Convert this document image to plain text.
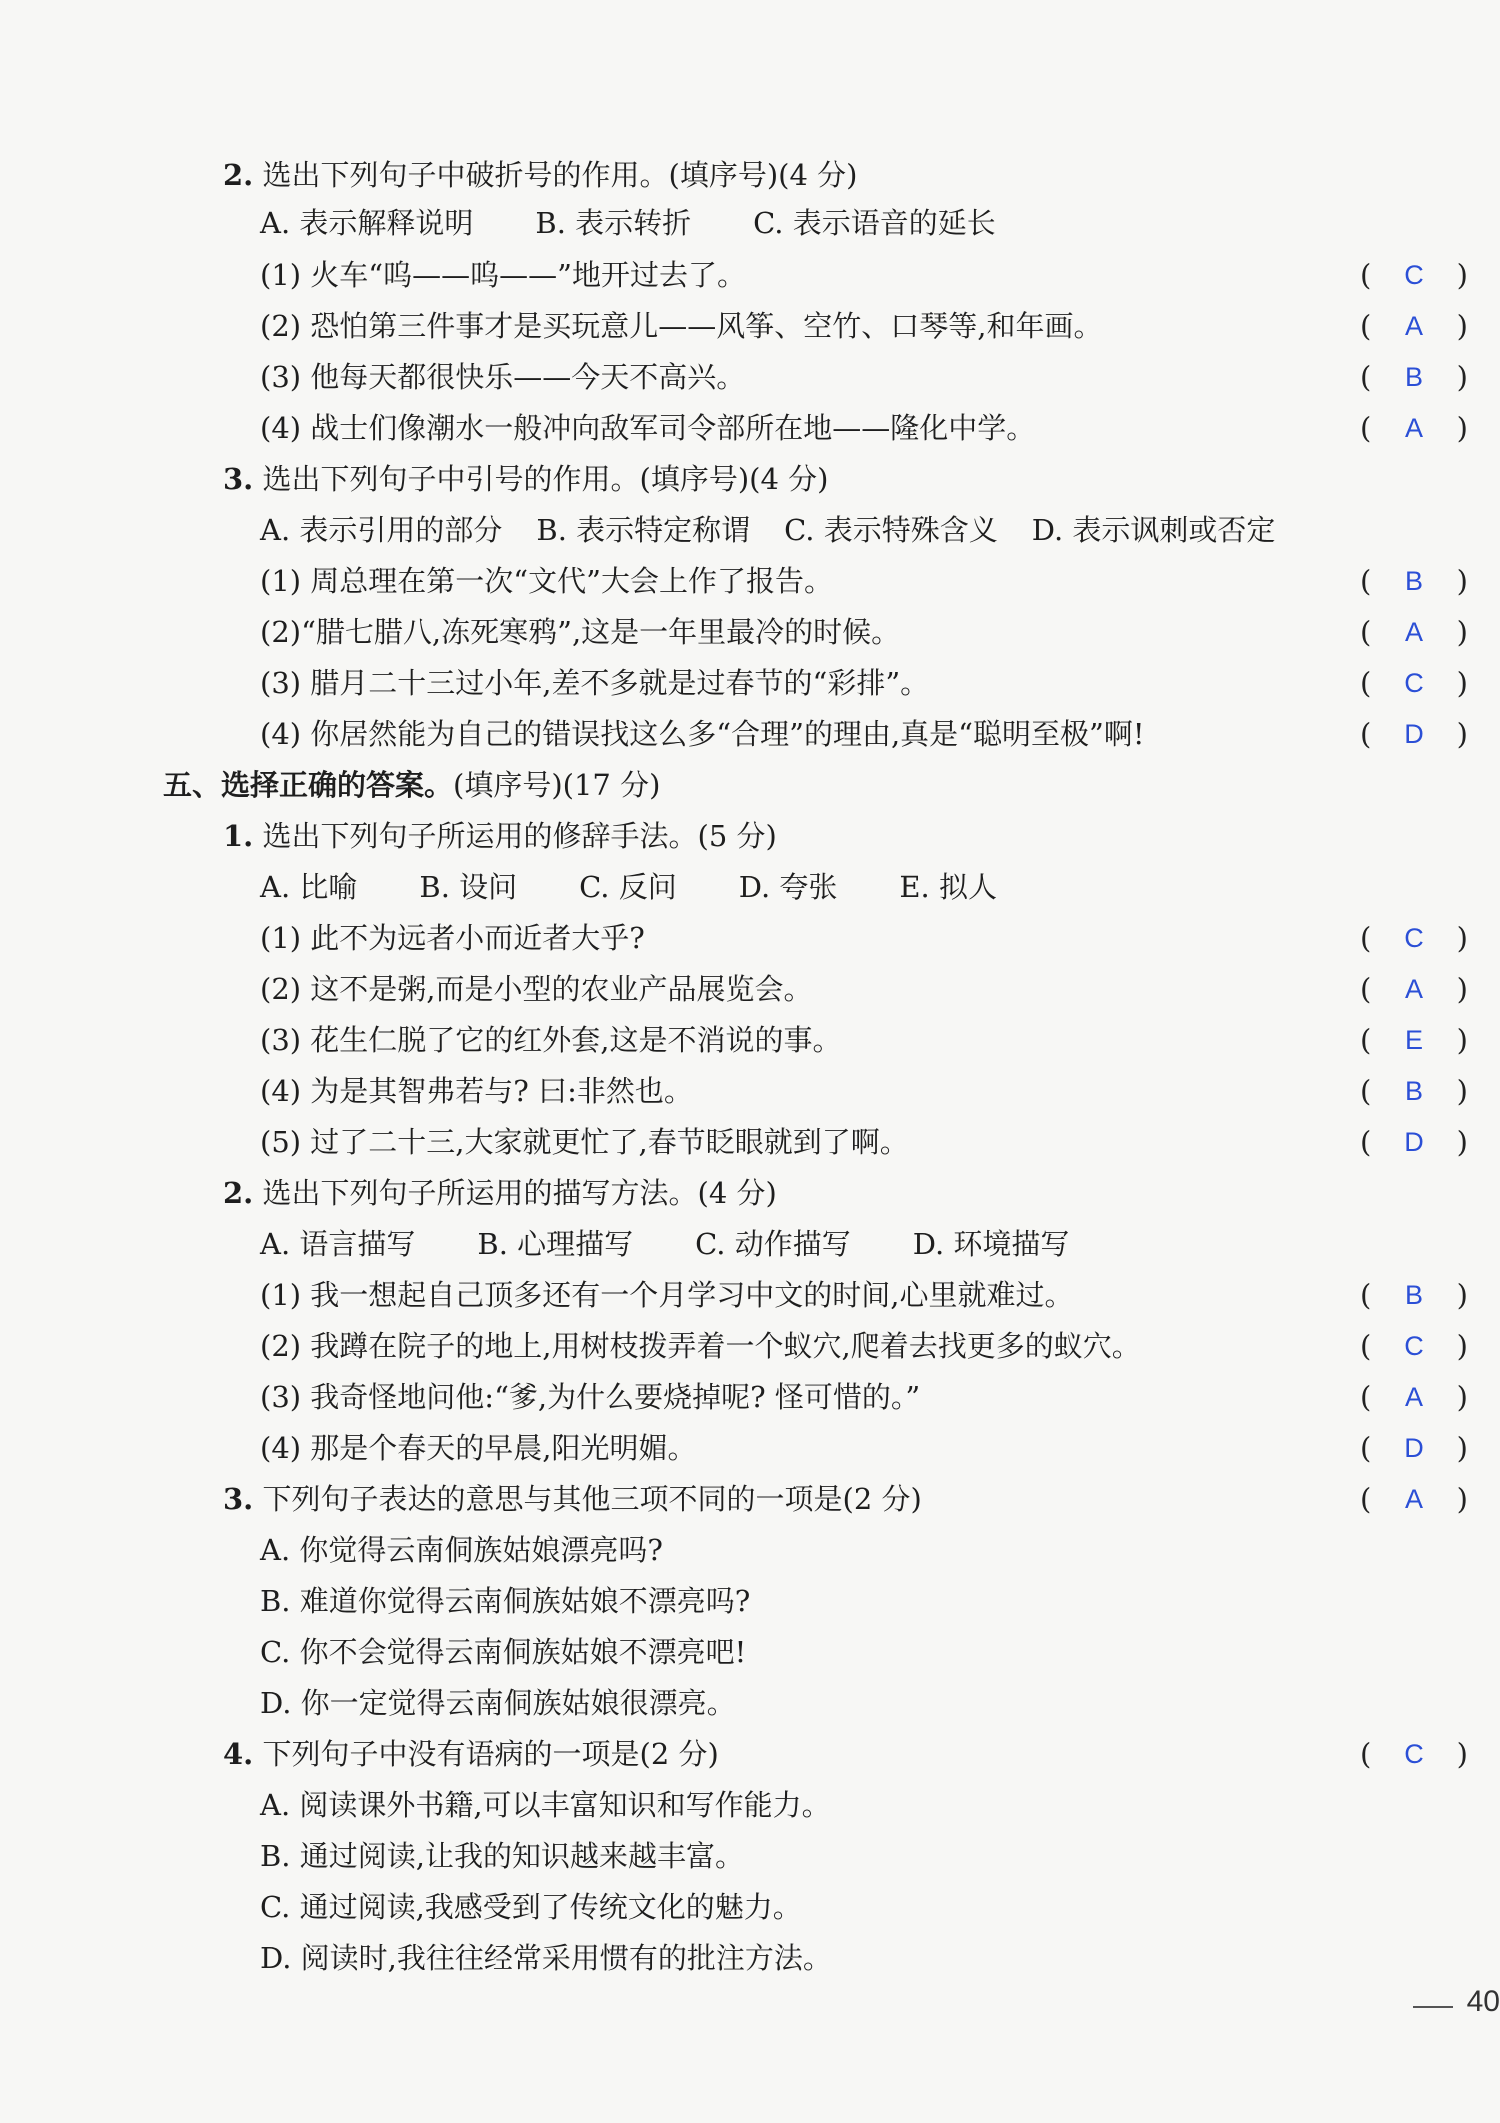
2. 选出下列句子中破折号的作用。(填序号)(4 分)
A. 表示解释说明 B. 表示转折 C. 表示语音的延长
(1) 火车“呜——呜——”地开过去了。	( C )
(2) 恐怕第三件事才是买玩意儿——风筝、空竹、口琴等,和年画。	( A )
(3) 他每天都很快乐——今天不高兴。	( B )
(4) 战士们像潮水一般冲向敌军司令部所在地——隆化中学。	( A )
3. 选出下列句子中引号的作用。(填序号)(4 分)
A. 表示引用的部分 B. 表示特定称谓 C. 表示特殊含义 D. 表示讽刺或否定
(1) 周总理在第一次“文代”大会上作了报告。	( B )
(2)“腊七腊八,冻死寒鸦”,这是一年里最冷的时候。	( A )
(3) 腊月二十三过小年,差不多就是过春节的“彩排”。	( C )
(4) 你居然能为自己的错误找这么多“合理”的理由,真是“聪明至极”啊!	( D )
五、选择正确的答案。(填序号)(17 分)
1. 选出下列句子所运用的修辞手法。(5 分)
A. 比喻 B. 设问 C. 反问 D. 夸张 E. 拟人
(1) 此不为远者小而近者大乎?	( C )
(2) 这不是粥,而是小型的农业产品展览会。	( A )
(3) 花生仁脱了它的红外套,这是不消说的事。	( E )
(4) 为是其智弗若与? 曰:非然也。	( B )
(5) 过了二十三,大家就更忙了,春节眨眼就到了啊。	( D )
2. 选出下列句子所运用的描写方法。(4 分)
A. 语言描写 B. 心理描写 C. 动作描写 D. 环境描写
(1) 我一想起自己顶多还有一个月学习中文的时间,心里就难过。	( B )
(2) 我蹲在院子的地上,用树枝拨弄着一个蚁穴,爬着去找更多的蚁穴。	( C )
(3) 我奇怪地问他:“爹,为什么要烧掉呢? 怪可惜的。”	( A )
(4) 那是个春天的早晨,阳光明媚。	( D )
3. 下列句子表达的意思与其他三项不同的一项是(2 分)	( A )
A. 你觉得云南侗族姑娘漂亮吗?
B. 难道你觉得云南侗族姑娘不漂亮吗?
C. 你不会觉得云南侗族姑娘不漂亮吧!
D. 你一定觉得云南侗族姑娘很漂亮。
4. 下列句子中没有语病的一项是(2 分)	( C )
A. 阅读课外书籍,可以丰富知识和写作能力。
B. 通过阅读,让我的知识越来越丰富。
C. 通过阅读,我感受到了传统文化的魅力。
D. 阅读时,我往往经常采用惯有的批注方法。
40
